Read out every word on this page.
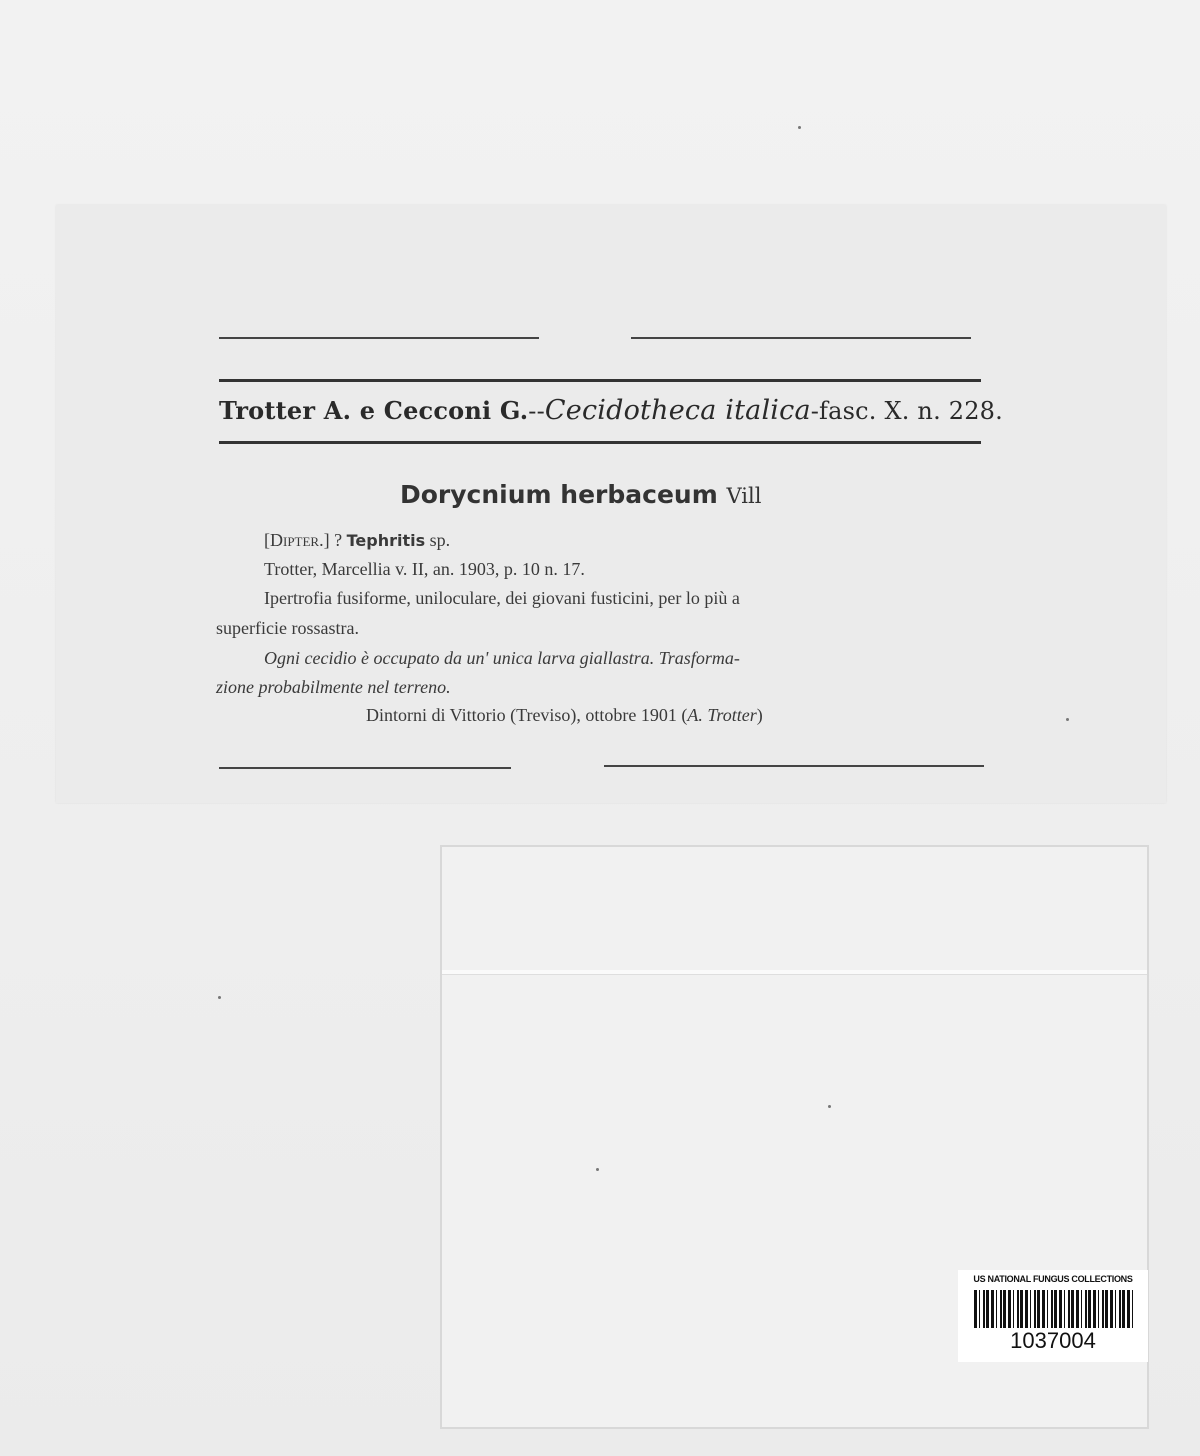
Trotter A. e Cecconi G.--Cecidotheca italica-fasc. X. n. 228.
Dorycnium herbaceum Vill
[Dipter.] ? Tephritis sp.
Trotter, Marcellia v. II, an. 1903, p. 10 n. 17.
Ipertrofia fusiforme, uniloculare, dei giovani fusticini, per lo più a
superficie rossastra.
Ogni cecidio è occupato da un' unica larva giallastra. Trasforma-
zione probabilmente nel terreno.
Dintorni di Vittorio (Treviso), ottobre 1901 (A. Trotter)
US NATIONAL FUNGUS COLLECTIONS
1037004
